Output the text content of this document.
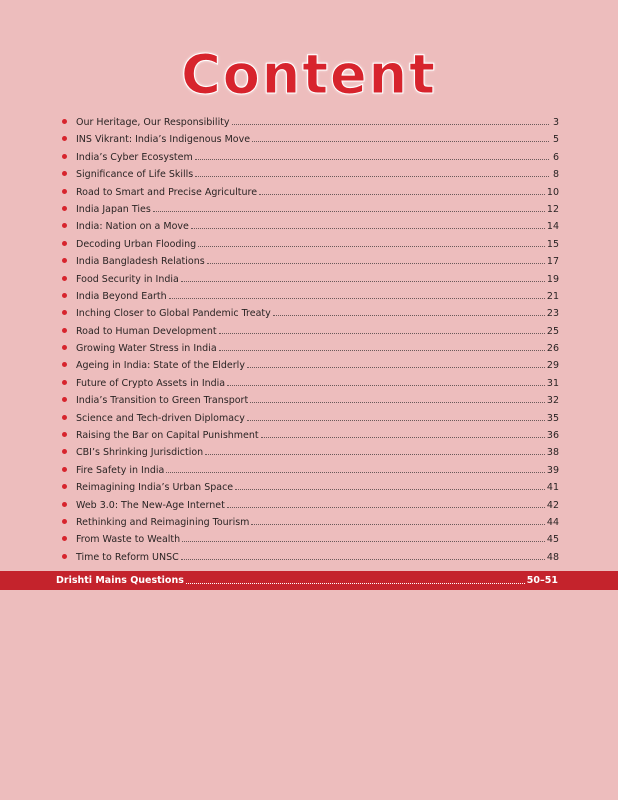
Content
Our Heritage, Our Responsibility	3
INS Vikrant: India’s Indigenous Move	5
India’s Cyber Ecosystem	6
Significance of Life Skills	8
Road to Smart and Precise Agriculture	10
India Japan Ties	12
India: Nation on a Move	14
Decoding Urban Flooding	15
India Bangladesh Relations	17
Food Security in India	19
India Beyond Earth	21
Inching Closer to Global Pandemic Treaty	23
Road to Human Development	25
Growing Water Stress in India	26
Ageing in India: State of the Elderly	29
Future of Crypto Assets in India	31
India’s Transition to Green Transport	32
Science and Tech-driven Diplomacy	35
Raising the Bar on Capital Punishment	36
CBI’s Shrinking Jurisdiction	38
Fire Safety in India	39
Reimagining India’s Urban Space	41
Web 3.0: The New-Age Internet	42
Rethinking and Reimagining Tourism	44
From Waste to Wealth	45
Time to Reform UNSC	48
Drishti Mains Questions	50–51
